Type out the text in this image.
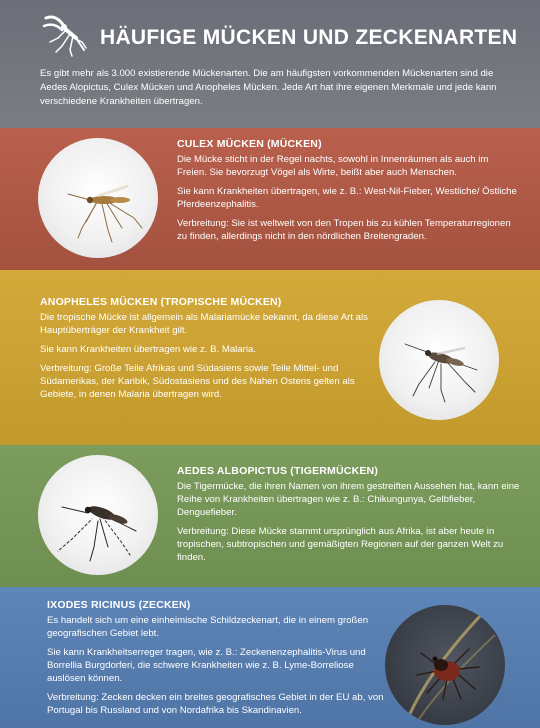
HÄUFIGE MÜCKEN UND ZECKENARTEN
Es gibt mehr als 3.000 existierende Mückenarten. Die am häufigsten vorkommenden Mückenarten sind die Aedes Alopictus, Culex Mücken und Anopheles Mücken. Jede Art hat ihre eigenen Merkmale und jede kann verschiedene Krankheiten übertragen.
CULEX MÜCKEN (MÜCKEN)

Die Mücke sticht in der Regel nachts, sowohl in Innenräumen als auch im Freien. Sie bevorzugt Vögel als Wirte, beißt aber auch Menschen.

Sie kann Krankheiten übertragen, wie z. B.: West-Nil-Fieber, Westliche/ Östliche Pferdeenzephalitis.

Verbreitung: Sie ist weltweit von den Tropen bis zu kühlen Temperaturregionen zu finden, allerdings nicht in den nördlichen Breitengraden.

ANOPHELES MÜCKEN (TROPISCHE MÜCKEN)

Die tropische Mücke ist allgemein als Malariamücke bekannt, da diese Art als Hauptüberträger der Krankheit gilt.

Sie kann Krankheiten übertragen wie z. B. Malaria.

Verbreitung: Große Teile Afrikas und Südasiens sowie Teile Mittel- und Südamerikas, der Karibik, Südostasiens und des Nahen Ostens gelten als Gebiete, in denen Malaria übertragen wird.

AEDES ALBOPICTUS (TIGERMÜCKEN)

Die Tigermücke, die ihren Namen von ihrem gestreiften Aussehen hat, kann eine Reihe von Krankheiten übertragen wie z. B.: Chikungunya, Gelbfieber, Denguefieber.

Verbreitung: Diese Mücke stammt ursprünglich aus Afrika, ist aber heute in tropischen, subtropischen und gemäßigten Regionen auf der ganzen Welt zu finden.

IXODES RICINUS (ZECKEN)

Es handelt sich um eine einheimische Schildzeckenart, die in einem großen geografischen Gebiet lebt.

Sie kann Krankheitserreger tragen, wie z. B.: Zeckenenzephalitis-Virus und Borrellia Burgdorferi, die schwere Krankheiten wie z. B. Lyme-Borreliose auslösen können.

Verbreitung: Zecken decken ein breites geografisches Gebiet in der EU ab, von Portugal bis Russland und von Nordafrika bis Skandinavien.
